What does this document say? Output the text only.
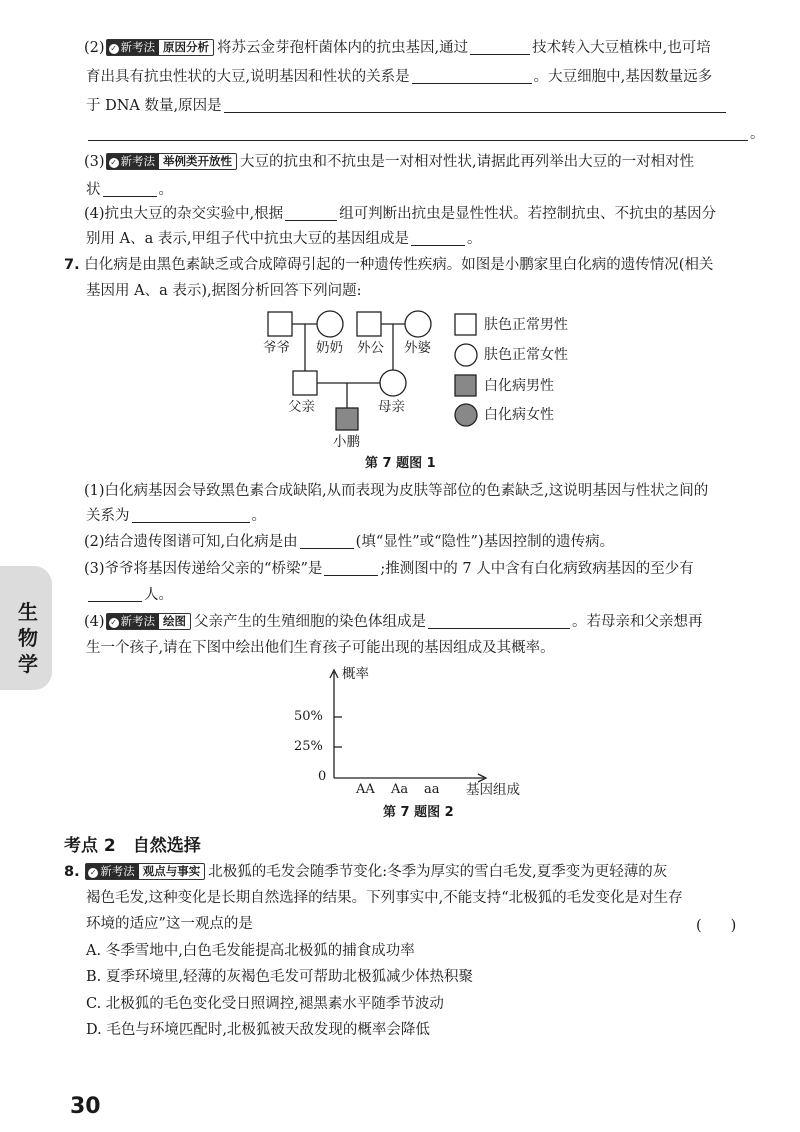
(2) ✓ 新考法 原因分析 将苏云金芽孢杆菌体内的抗虫基因,通过	技术转入大豆植株中,也可培
育出具有抗虫性状的大豆,说明基因和性状的关系是	。大豆细胞中,基因数量远多
于 DNA 数量,原因是
。
(3) ✓ 新考法 举例类开放性 大豆的抗虫和不抗虫是一对相对性状,请据此再列举出大豆的一对相对性
状	。
(4)抗虫大豆的杂交实验中,根据	组可判断出抗虫是显性性状。若控制抗虫、不抗虫的基因分
别用 A、a 表示,甲组子代中抗虫大豆的基因组成是	。
7. 白化病是由黑色素缺乏或合成障碍引起的一种遗传性疾病。如图是小鹏家里白化病的遗传情况(相关
基因用 A、a 表示),据图分析回答下列问题:
爷爷 奶奶 外公 外婆
父亲	母亲
小鹏
肤色正常男性
肤色正常女性
白化病男性
白化病女性
第 7 题图 1
(1)白化病基因会导致黑色素合成缺陷,从而表现为皮肤等部位的色素缺乏,这说明基因与性状之间的
关系为	。
(2)结合遗传图谱可知,白化病是由	(填“显性”或“隐性”)基因控制的遗传病。
(3)爷爷将基因传递给父亲的“桥梁”是	;推测图中的 7 人中含有白化病致病基因的至少有
人。
(4) ✓ 新考法 绘图 父亲产生的生殖细胞的染色体组成是	。若母亲和父亲想再
生一个孩子,请在下图中绘出他们生育孩子可能出现的基因组成及其概率。
概率
50%
25%
0
AA Aa aa 基因组成
第 7 题图 2
考点 2　自然选择
8. ✓ 新考法 观点与事实 北极狐的毛发会随季节变化:冬季为厚实的雪白毛发,夏季变为更轻薄的灰
褐色毛发,这种变化是长期自然选择的结果。下列事实中,不能支持“北极狐的毛发变化是对生存
环境的适应”这一观点的是	(　　)
A. 冬季雪地中,白色毛发能提高北极狐的捕食成功率
B. 夏季环境里,轻薄的灰褐色毛发可帮助北极狐减少体热积聚
C. 北极狐的毛色变化受日照调控,褪黑素水平随季节波动
D. 毛色与环境匹配时,北极狐被天敌发现的概率会降低
生
物
学
30
